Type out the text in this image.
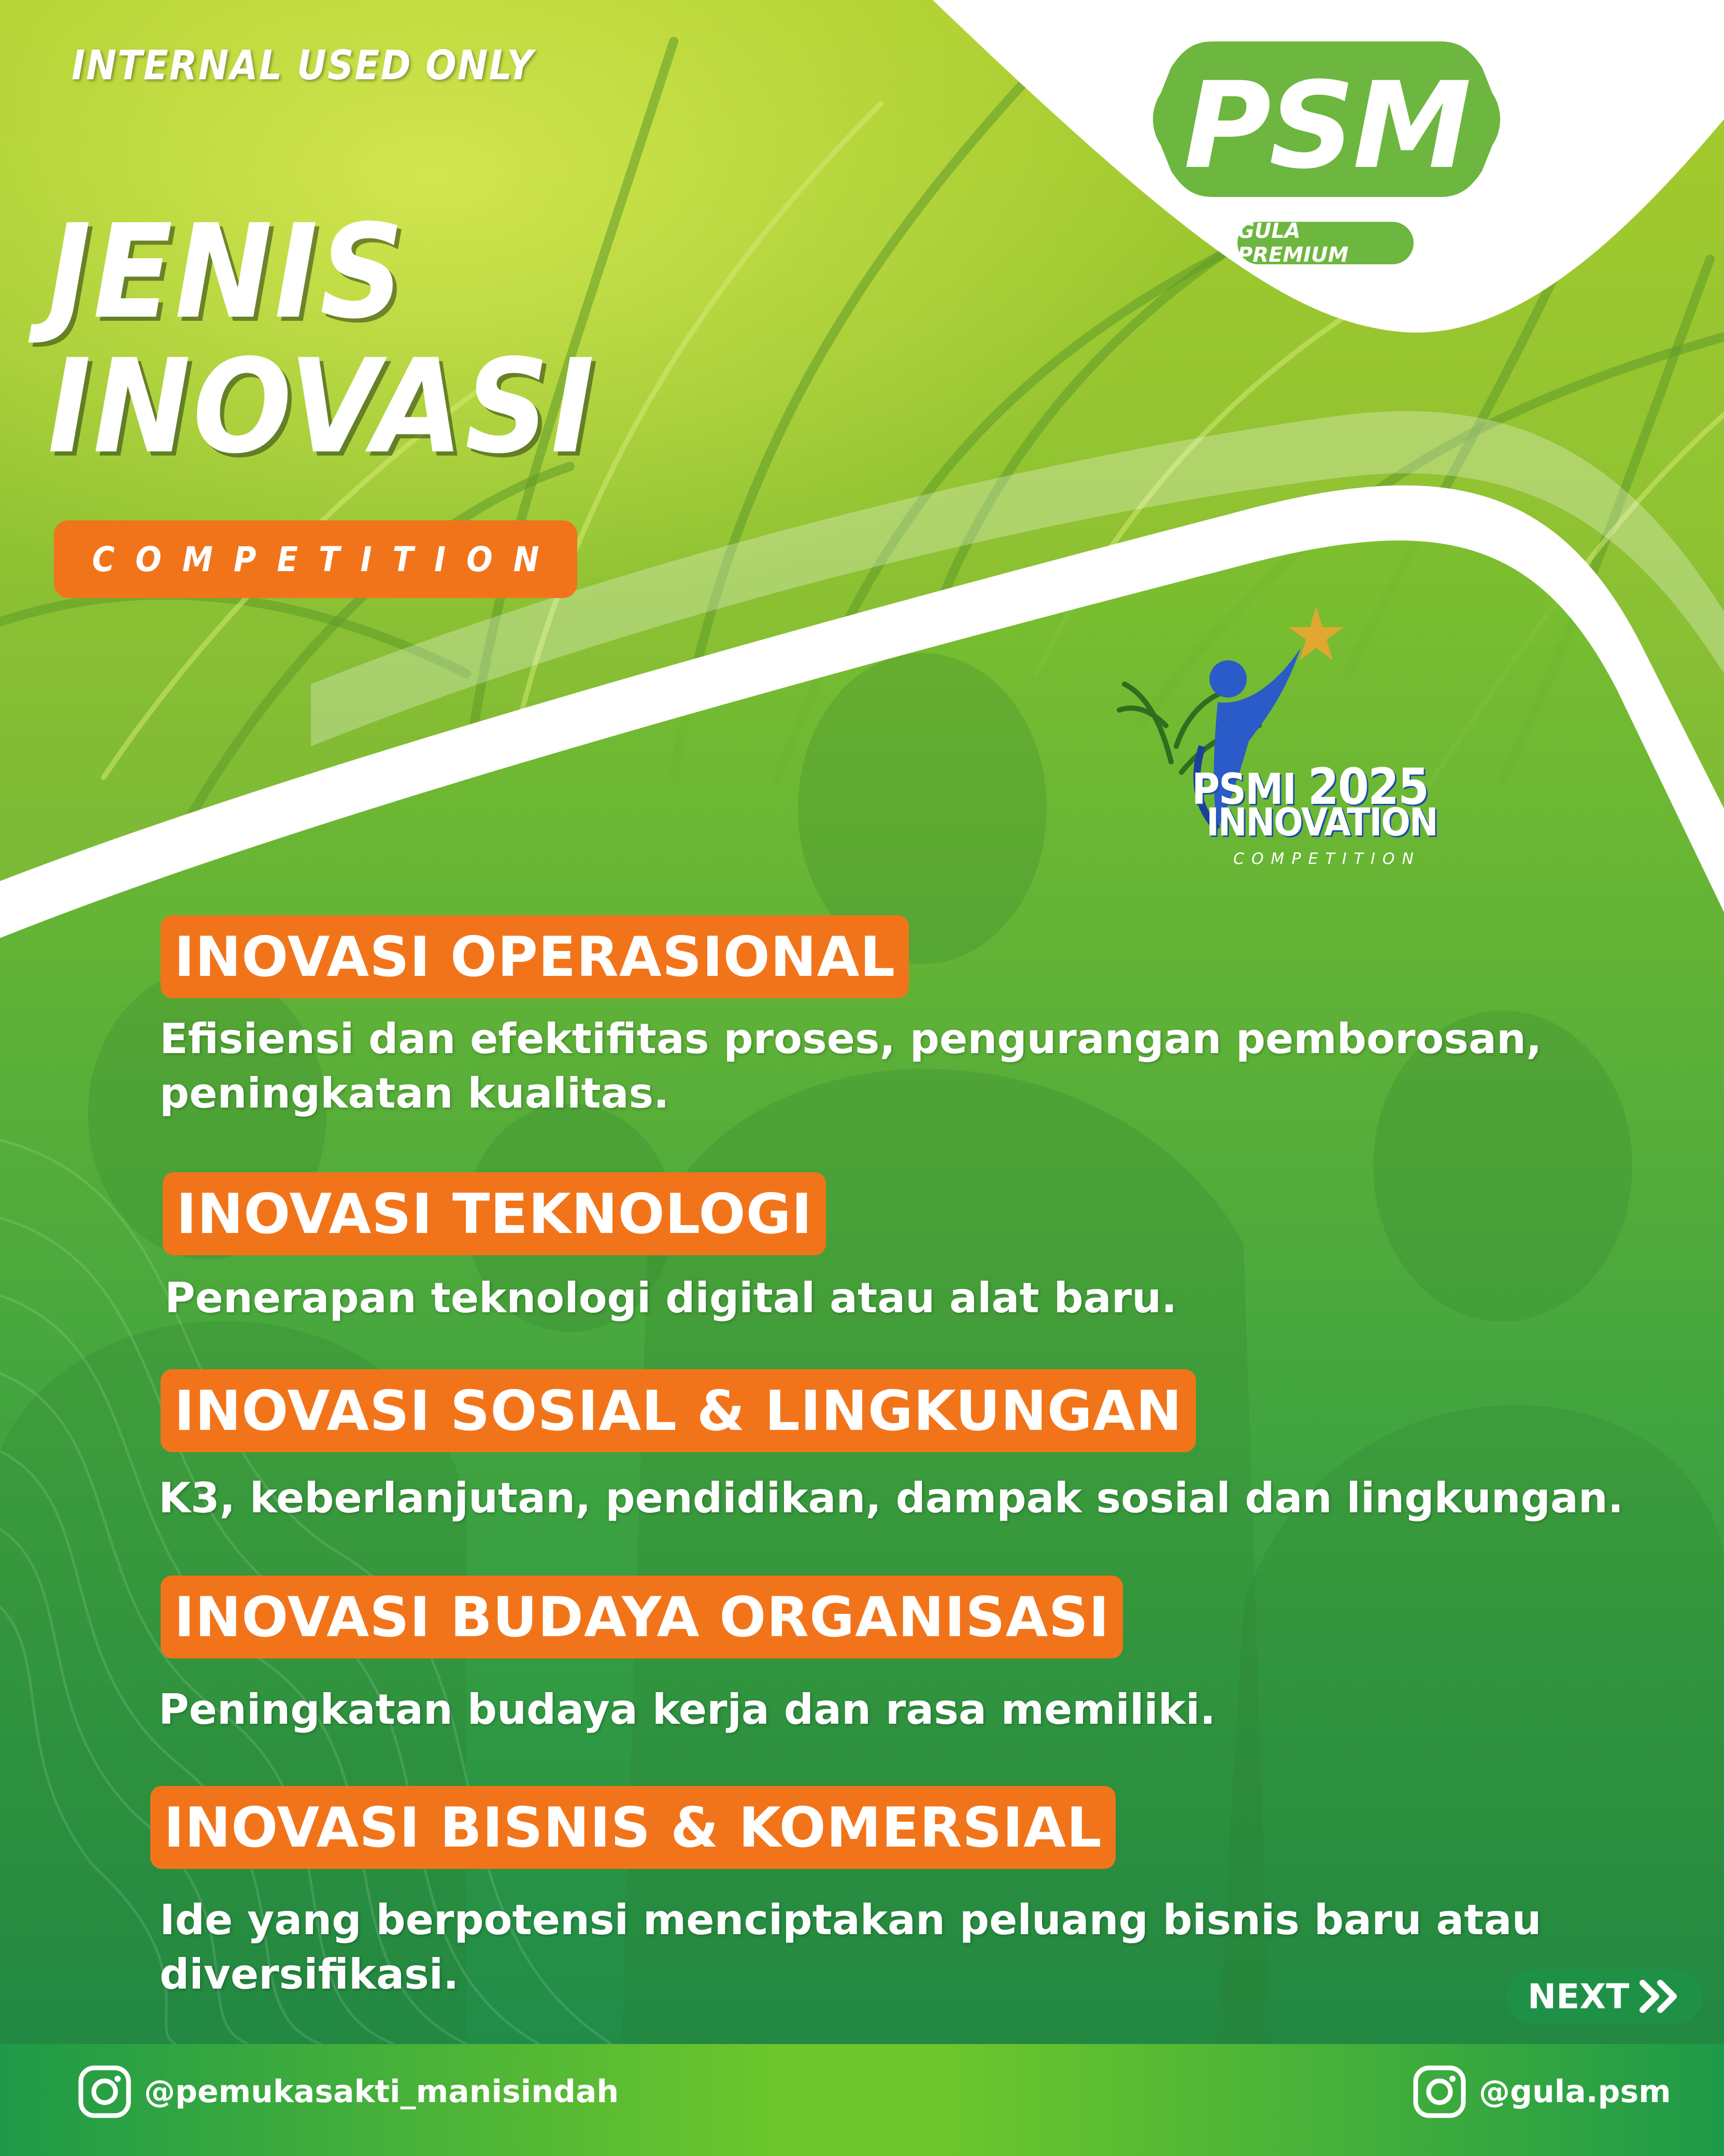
INTERNAL USED ONLY
JENIS
INOVASI
COMPETITION
PSM
GULA PREMIUM
PSMI 2025
INNOVATION
COMPETITION
INOVASI OPERASIONAL
Efisiensi dan efektifitas proses, pengurangan pemborosan,
peningkatan kualitas.
INOVASI TEKNOLOGI
Penerapan teknologi digital atau alat baru.
INOVASI SOSIAL & LINGKUNGAN
K3, keberlanjutan, pendidikan, dampak sosial dan lingkungan.
INOVASI BUDAYA ORGANISASI
Peningkatan budaya kerja dan rasa memiliki.
INOVASI BISNIS & KOMERSIAL
Ide yang berpotensi menciptakan peluang bisnis baru atau
diversifikasi.	NEXT
@pemukasakti_manisindah	@gula.psm
